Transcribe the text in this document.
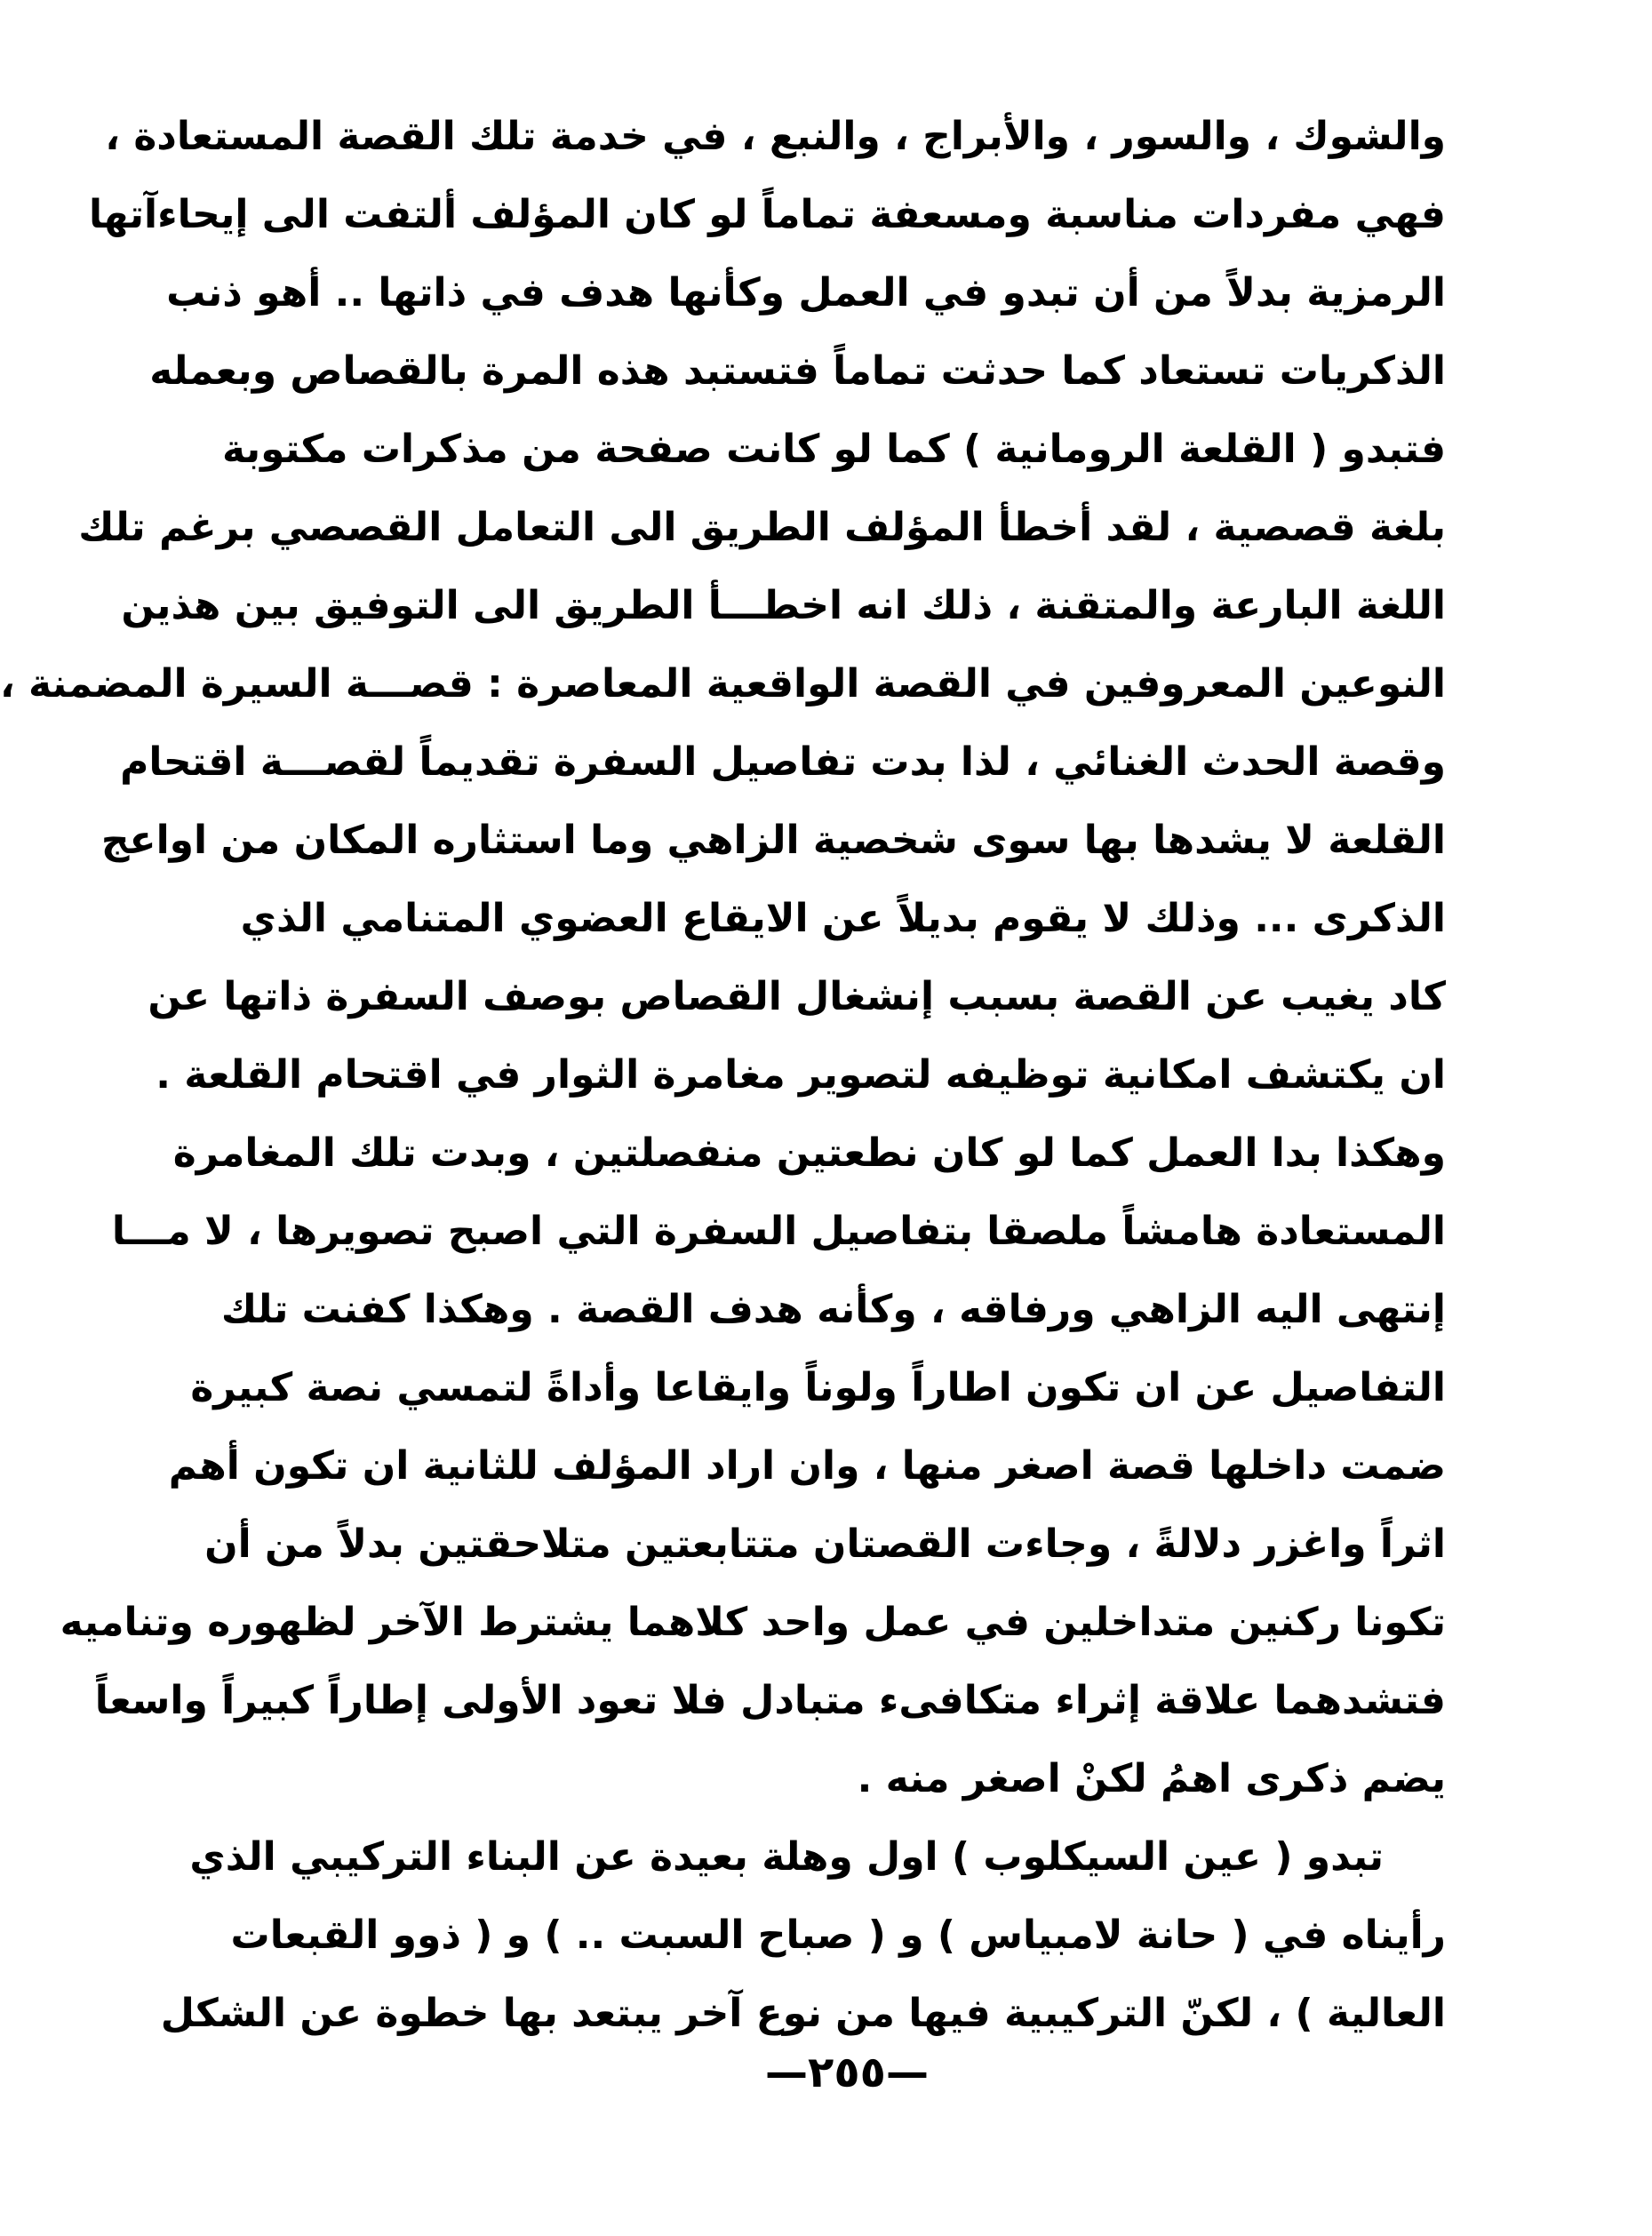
والشوك ، والسور ، والأبراج ، والنبع ، في خدمة تلك القصة المستعادة ،
فهي مفردات مناسبة ومسعفة تماماً لو كان المؤلف ألتفت الى إيحاءآتها
الرمزية بدلاً من أن تبدو في العمل وكأنها هدف في ذاتها .. أهو ذنب
الذكريات تستعاد كما حدثت تماماً فتستبد هذه المرة بالقصاص وبعمله
فتبدو ( القلعة الرومانية ) كما لو كانت صفحة من مذكرات مكتوبة
بلغة قصصية ، لقد أخطأ المؤلف الطريق الى التعامل القصصي برغم تلك
اللغة البارعة والمتقنة ، ذلك انه اخطـــأ الطريق الى التوفيق بين هذين
النوعين المعروفين في القصة الواقعية المعاصرة : قصـــة السيرة المضمنة ،
وقصة الحدث الغنائي ، لذا بدت تفاصيل السفرة تقديماً لقصـــة اقتحام
القلعة لا يشدها بها سوى شخصية الزاهي وما استثاره المكان من اواعج
الذكرى ... وذلك لا يقوم بديلاً عن الايقاع العضوي المتنامي الذي
كاد يغيب عن القصة بسبب إنشغال القصاص بوصف السفرة ذاتها عن
ان يكتشف امكانية توظيفه لتصوير مغامرة الثوار في اقتحام القلعة .
وهكذا بدا العمل كما لو كان نطعتين منفصلتين ، وبدت تلك المغامرة
المستعادة هامشاً ملصقا بتفاصيل السفرة التي اصبح تصويرها ، لا مـــا
إنتهى اليه الزاهي ورفاقه ، وكأنه هدف القصة . وهكذا كفنت تلك
التفاصيل عن ان تكون اطاراً ولوناً وايقاعا وأداةً لتمسي نصة كبيرة
ضمت داخلها قصة اصغر منها ، وان اراد المؤلف للثانية ان تكون أهم
اثراً واغزر دلالةً ، وجاءت القصتان متتابعتين متلاحقتين بدلاً من أن
تكونا ركنين متداخلين في عمل واحد كلاهما يشترط الآخر لظهوره وتناميه
فتشدهما علاقة إثراء متكافىء متبادل فلا تعود الأولى إطاراً كبيراً واسعاً
يضم ذكرى اهمُ لكنْ اصغر منه .
تبدو ( عين السيكلوب ) اول وهلة بعيدة عن البناء التركيبي الذي
رأيناه في ( حانة لامبياس ) و ( صباح السبت .. ) و ( ذوو القبعات
العالية ) ، لكنّ التركيبية فيها من نوع آخر يبتعد بها خطوة عن الشكل
—٢٥٥—
